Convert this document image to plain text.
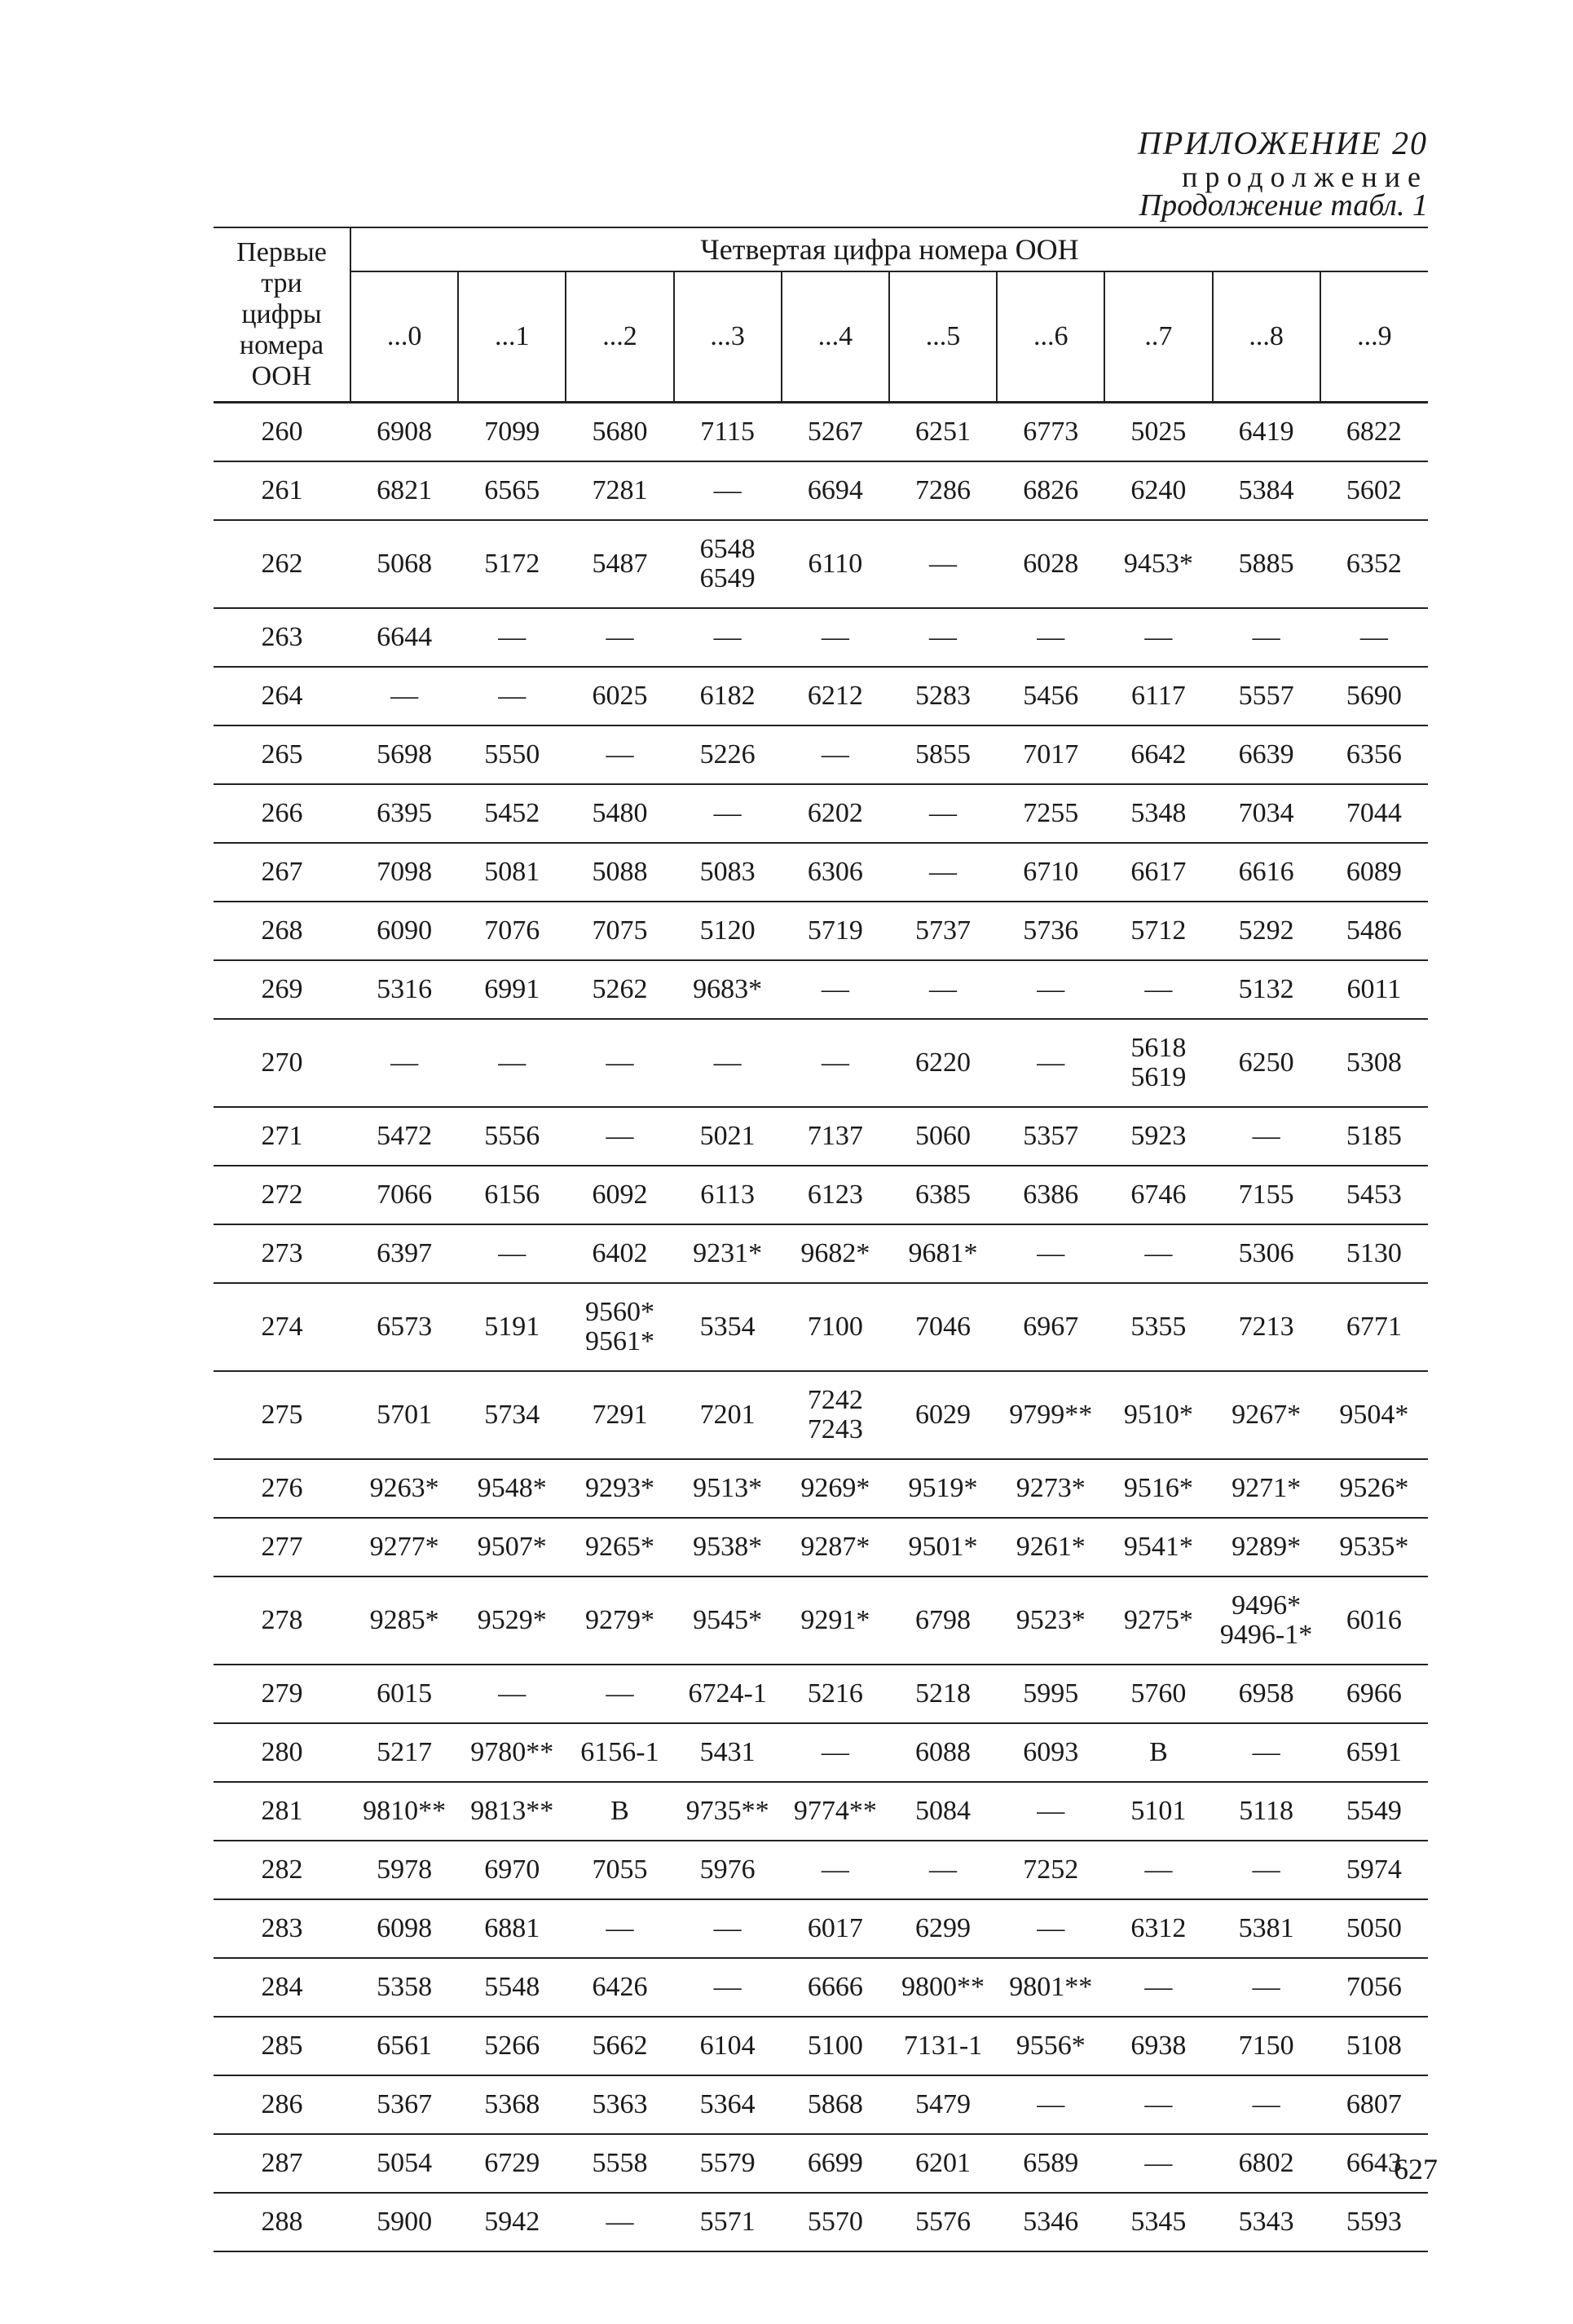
ПРИЛОЖЕНИЕ 20
продолжение
Продолжение табл. 1
Первые
три
цифры
номера
ООН	Четвертая цифра номера ООН									
	...0	...1	...2	...3	...4	...5	...6	..7	...8	...9
260	6908	7099	5680	7115	5267	6251	6773	5025	6419	6822
261	6821	6565	7281	—	6694	7286	6826	6240	5384	5602
262	5068	5172	5487	6548
6549	6110	—	6028	9453*	5885	6352
263	6644	—	—	—	—	—	—	—	—	—
264	—	—	6025	6182	6212	5283	5456	6117	5557	5690
265	5698	5550	—	5226	—	5855	7017	6642	6639	6356
266	6395	5452	5480	—	6202	—	7255	5348	7034	7044
267	7098	5081	5088	5083	6306	—	6710	6617	6616	6089
268	6090	7076	7075	5120	5719	5737	5736	5712	5292	5486
269	5316	6991	5262	9683*	—	—	—	—	5132	6011
270	—	—	—	—	—	6220	—	5618
5619	6250	5308
271	5472	5556	—	5021	7137	5060	5357	5923	—	5185
272	7066	6156	6092	6113	6123	6385	6386	6746	7155	5453
273	6397	—	6402	9231*	9682*	9681*	—	—	5306	5130
274	6573	5191	9560*
9561*	5354	7100	7046	6967	5355	7213	6771
275	5701	5734	7291	7201	7242
7243	6029	9799**	9510*	9267*	9504*
276	9263*	9548*	9293*	9513*	9269*	9519*	9273*	9516*	9271*	9526*
277	9277*	9507*	9265*	9538*	9287*	9501*	9261*	9541*	9289*	9535*
278	9285*	9529*	9279*	9545*	9291*	6798	9523*	9275*	9496*
9496-1*	6016
279	6015	—	—	6724-1	5216	5218	5995	5760	6958	6966
280	5217	9780**	6156-1	5431	—	6088	6093	B	—	6591
281	9810**	9813**	B	9735**	9774**	5084	—	5101	5118	5549
282	5978	6970	7055	5976	—	—	7252	—	—	5974
283	6098	6881	—	—	6017	6299	—	6312	5381	5050
284	5358	5548	6426	—	6666	9800**	9801**	—	—	7056
285	6561	5266	5662	6104	5100	7131-1	9556*	6938	7150	5108
286	5367	5368	5363	5364	5868	5479	—	—	—	6807
287	5054	6729	5558	5579	6699	6201	6589	—	6802	6643
288	5900	5942	—	5571	5570	5576	5346	5345	5343	5593
627
